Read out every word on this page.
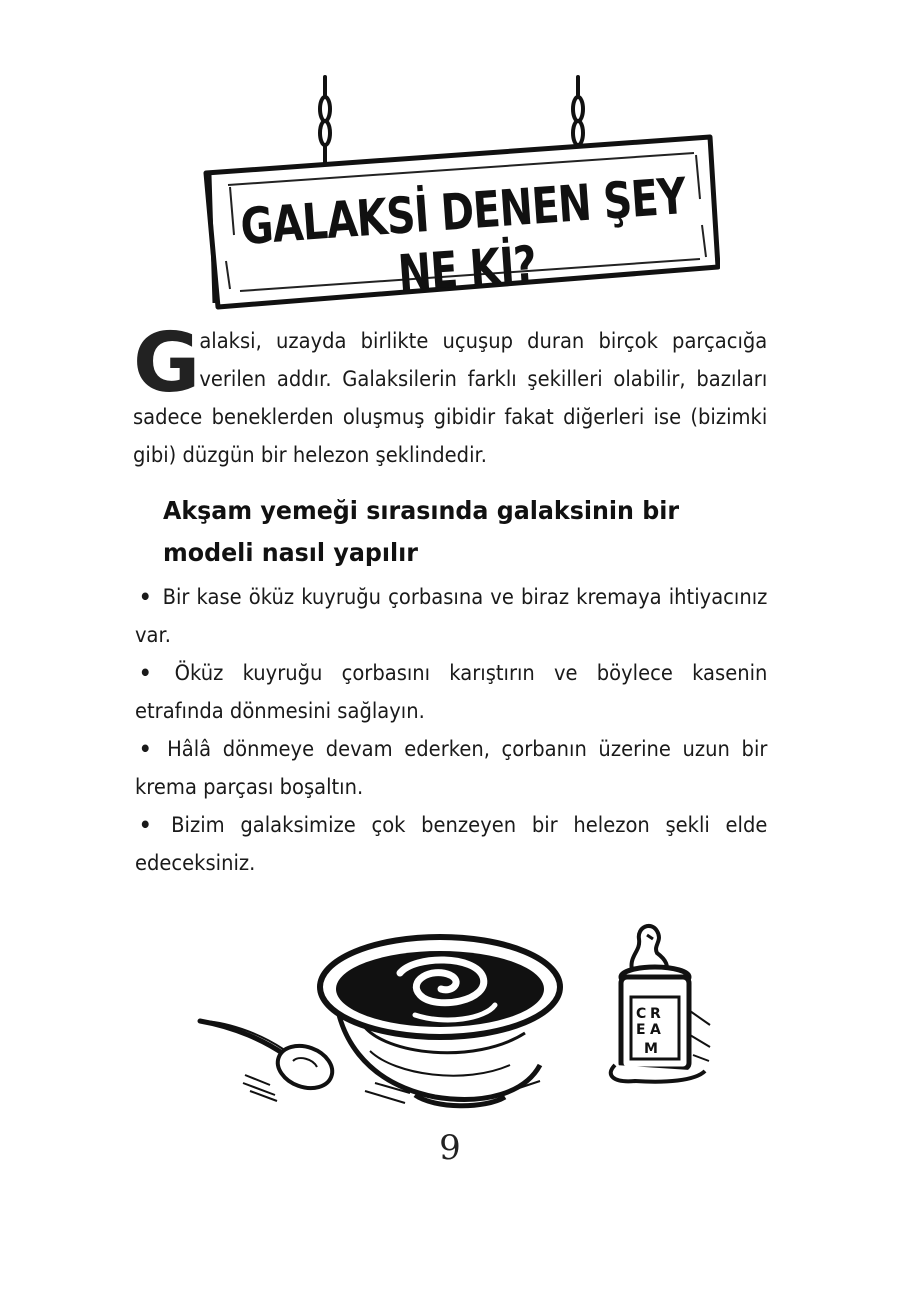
GALAKSİ DENEN ŞEY NE Kİ?
G alaksi, uzayda birlikte uçuşup duran birçok parçacığa verilen addır. Galaksilerin farklı şekilleri olabilir, bazıları sadece beneklerden oluşmuş gibidir fakat diğerleri ise (bizimki gibi) düzgün bir helezon şeklindedir.

Akşam yemeği sırasında galaksinin bir modeli nasıl yapılır
• Bir kase öküz kuyruğu çorbasına ve biraz kremaya ihtiyacınız var.
• Öküz kuyruğu çorbasını karıştırın ve böylece kasenin etrafında dönmesini sağlayın.
• Hâlâ dönmeye devam ederken, çorbanın üzerine uzun bir krema parçası boşaltın.
• Bizim galaksimize çok benzeyen bir helezon şekli elde edeceksiniz.
C R
E A
M
9
